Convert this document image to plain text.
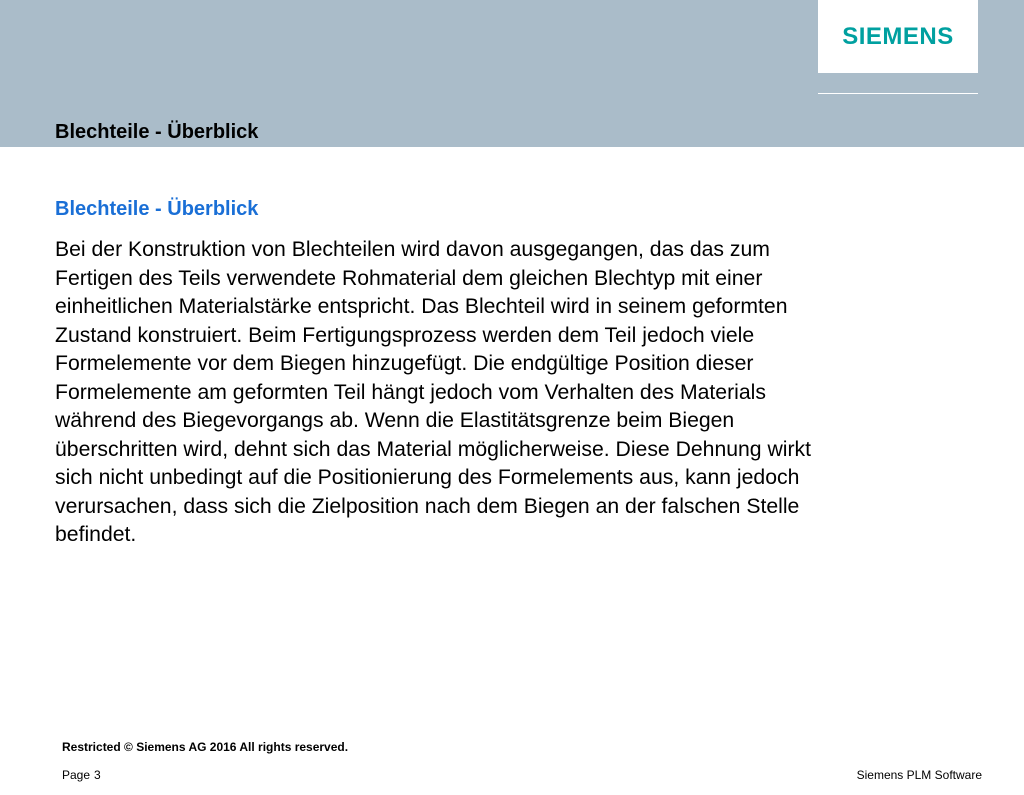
SIEMENS
Blechteile - Überblick
Blechteile - Überblick
Bei der Konstruktion von Blechteilen wird davon ausgegangen, das das zum
Fertigen des Teils verwendete Rohmaterial dem gleichen Blechtyp mit einer
einheitlichen Materialstärke entspricht. Das Blechteil wird in seinem geformten
Zustand konstruiert. Beim Fertigungsprozess werden dem Teil jedoch viele
Formelemente vor dem Biegen hinzugefügt. Die endgültige Position dieser
Formelemente am geformten Teil hängt jedoch vom Verhalten des Materials
während des Biegevorgangs ab. Wenn die Elastitätsgrenze beim Biegen
überschritten wird, dehnt sich das Material möglicherweise. Diese Dehnung wirkt
sich nicht unbedingt auf die Positionierung des Formelements aus, kann jedoch
verursachen, dass sich die Zielposition nach dem Biegen an der falschen Stelle
befindet.
Restricted © Siemens AG 2016 All rights reserved.
Page 3	Siemens PLM Software
